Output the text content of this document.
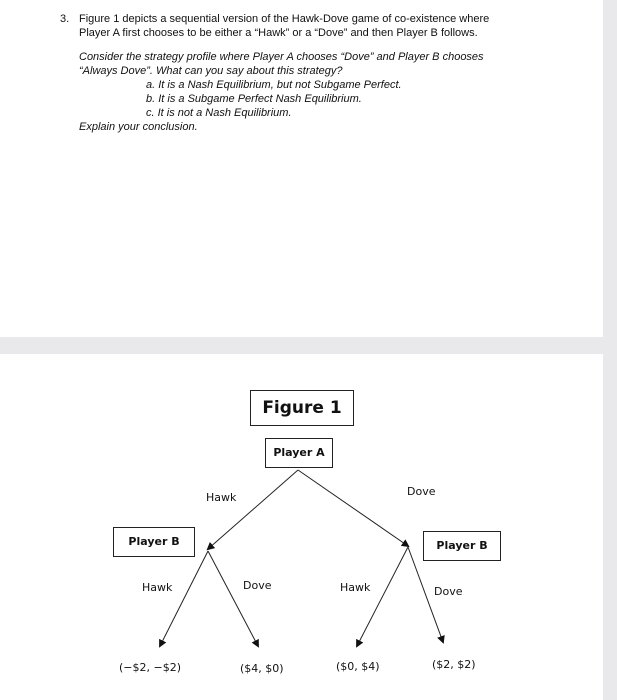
3. Figure 1 depicts a sequential version of the Hawk-Dove game of co-existence where
Player A first chooses to be either a “Hawk” or a “Dove” and then Player B follows.
Consider the strategy profile where Player A chooses “Dove” and Player B chooses
“Always Dove”. What can you say about this strategy?
a. It is a Nash Equilibrium, but not Subgame Perfect.
b. It is a Subgame Perfect Nash Equilibrium.
c. It is not a Nash Equilibrium.
Explain your conclusion.
Figure 1
Player A
Player B	Player B
Hawk	Dove
Hawk	Dove	Hawk	Dove
(−$2, −$2)	($4, $0)	($0, $4)	($2, $2)
